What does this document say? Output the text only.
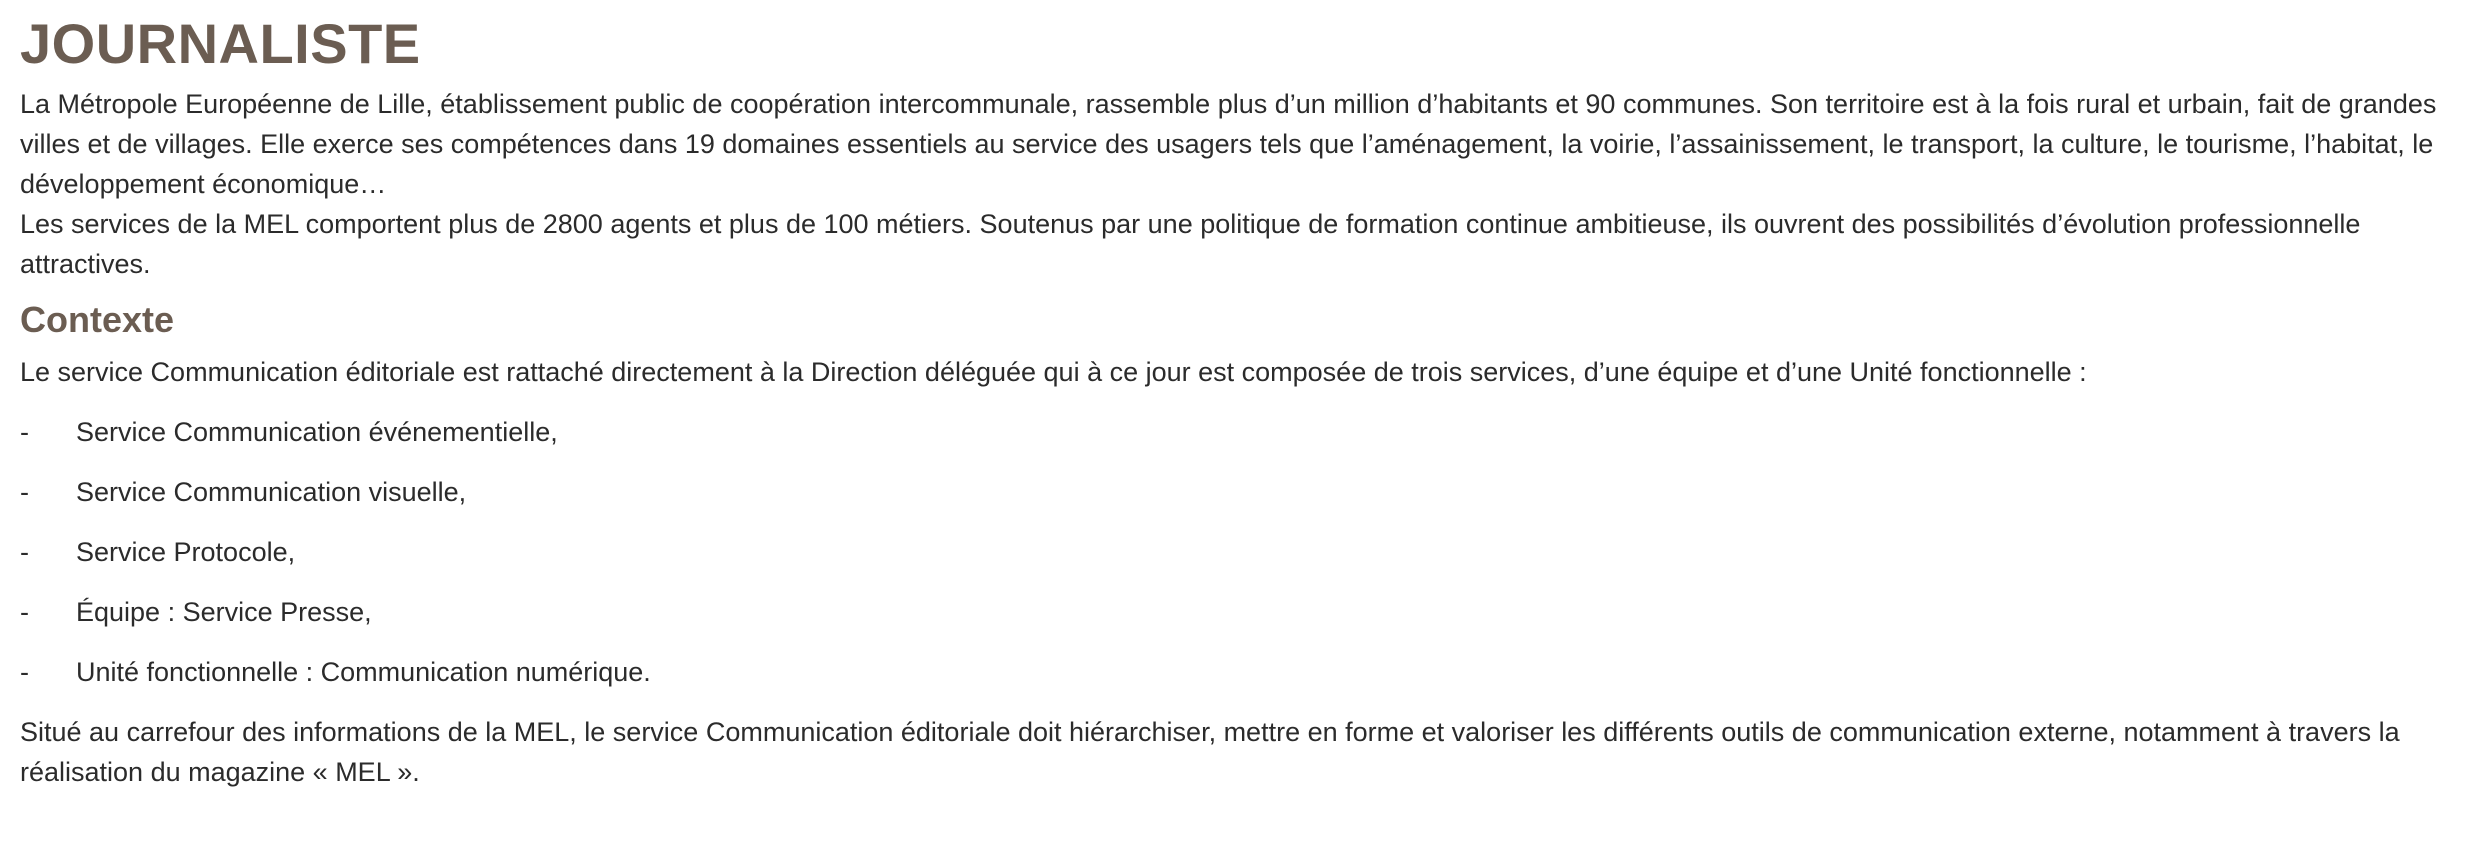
JOURNALISTE

La Métropole Européenne de Lille, établissement public de coopération intercommunale, rassemble plus d’un million d’habitants et 90 communes. Son territoire est à la fois rural et urbain, fait de grandes villes et de villages. Elle exerce ses compétences dans 19 domaines essentiels au service des usagers tels que l’aménagement, la voirie, l’assainissement, le transport, la culture, le tourisme, l’habitat, le développement économique…

Les services de la MEL comportent plus de 2800 agents et plus de 100 métiers. Soutenus par une politique de formation continue ambitieuse, ils ouvrent des possibilités d’évolution professionnelle attractives.

Contexte

Le service Communication éditoriale est rattaché directement à la Direction déléguée qui à ce jour est composée de trois services, d’une équipe et d’une Unité fonctionnelle :

-	Service Communication événementielle,
-	Service Communication visuelle,
-	Service Protocole,
-	Équipe : Service Presse,
-	Unité fonctionnelle : Communication numérique.

Situé au carrefour des informations de la MEL, le service Communication éditoriale doit hiérarchiser, mettre en forme et valoriser les différents outils de communication externe, notamment à travers la réalisation du magazine « MEL ».
